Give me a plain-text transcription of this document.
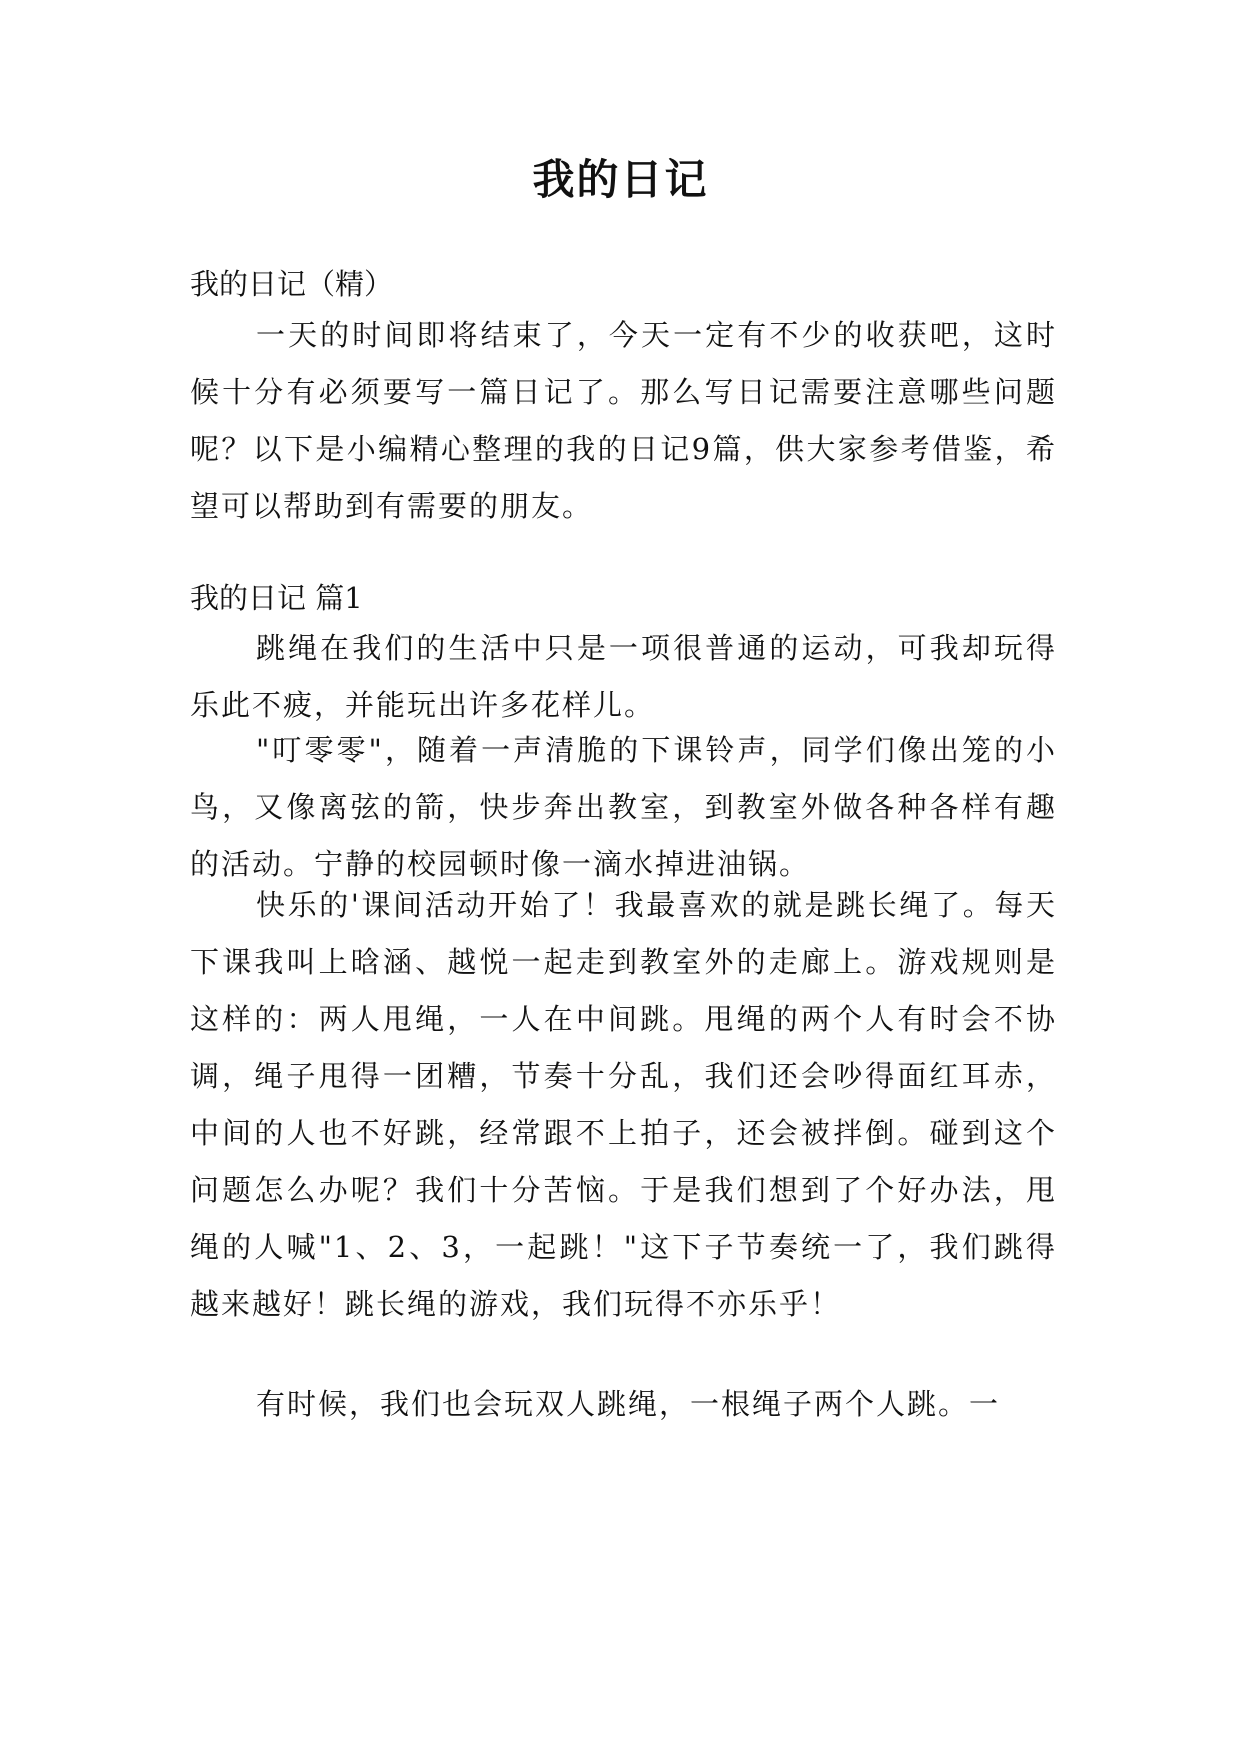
我的日记
我的日记（精）

一天的时间即将结束了，今天一定有不少的收获吧，这时候十分有必须要写一篇日记了。那么写日记需要注意哪些问题呢？以下是小编精心整理的我的日记9篇，供大家参考借鉴，希望可以帮助到有需要的朋友。

我的日记 篇1

跳绳在我们的生活中只是一项很普通的运动，可我却玩得乐此不疲，并能玩出许多花样儿。

"叮零零"，随着一声清脆的下课铃声，同学们像出笼的小鸟，又像离弦的箭，快步奔出教室，到教室外做各种各样有趣的活动。宁静的校园顿时像一滴水掉进油锅。

快乐的'课间活动开始了！我最喜欢的就是跳长绳了。每天下课我叫上晗涵、越悦一起走到教室外的走廊上。游戏规则是这样的：两人甩绳，一人在中间跳。甩绳的两个人有时会不协调，绳子甩得一团糟，节奏十分乱，我们还会吵得面红耳赤，中间的人也不好跳，经常跟不上拍子，还会被拌倒。碰到这个问题怎么办呢？我们十分苦恼。于是我们想到了个好办法，甩绳的人喊"1、2、3，一起跳！"这下子节奏统一了，我们跳得越来越好！跳长绳的游戏，我们玩得不亦乐乎！

有时候，我们也会玩双人跳绳，一根绳子两个人跳。一
